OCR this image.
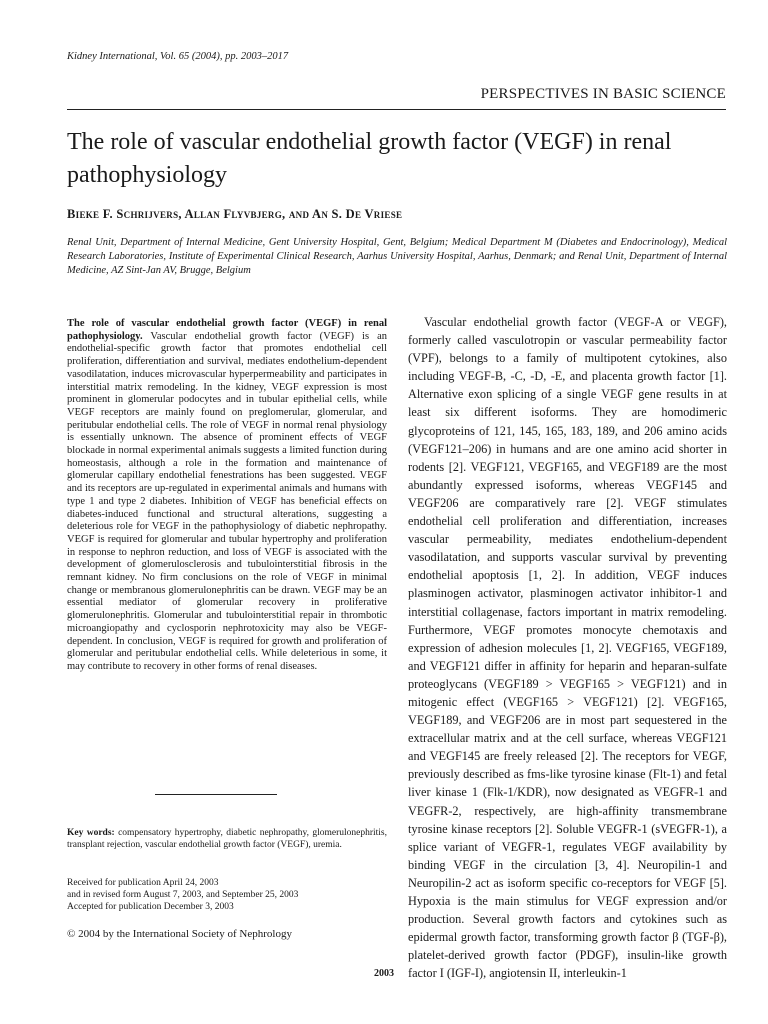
Kidney International, Vol. 65 (2004), pp. 2003–2017
PERSPECTIVES IN BASIC SCIENCE
The role of vascular endothelial growth factor (VEGF) in renal pathophysiology
Bieke F. Schrijvers, Allan Flyvbjerg, and An S. De Vriese
Renal Unit, Department of Internal Medicine, Gent University Hospital, Gent, Belgium; Medical Department M (Diabetes and Endocrinology), Medical Research Laboratories, Institute of Experimental Clinical Research, Aarhus University Hospital, Aarhus, Denmark; and Renal Unit, Department of Internal Medicine, AZ Sint-Jan AV, Brugge, Belgium
The role of vascular endothelial growth factor (VEGF) in renal pathophysiology. Vascular endothelial growth factor (VEGF) is an endothelial-specific growth factor that promotes endothelial cell proliferation, differentiation and survival, mediates endothelium-dependent vasodilatation, induces microvascular hyperpermeability and participates in interstitial matrix remodeling. In the kidney, VEGF expression is most prominent in glomerular podocytes and in tubular epithelial cells, while VEGF receptors are mainly found on preglomerular, glomerular, and peritubular endothelial cells. The role of VEGF in normal renal physiology is essentially unknown. The absence of prominent effects of VEGF blockade in normal experimental animals suggests a limited function during homeostasis, although a role in the formation and maintenance of glomerular capillary endothelial fenestrations has been suggested. VEGF and its receptors are up-regulated in experimental animals and humans with type 1 and type 2 diabetes. Inhibition of VEGF has beneficial effects on diabetes-induced functional and structural alterations, suggesting a deleterious role for VEGF in the pathophysiology of diabetic nephropathy. VEGF is required for glomerular and tubular hypertrophy and proliferation in response to nephron reduction, and loss of VEGF is associated with the development of glomerulosclerosis and tubulointerstitial fibrosis in the remnant kidney. No firm conclusions on the role of VEGF in minimal change or membranous glomerulonephritis can be drawn. VEGF may be an essential mediator of glomerular recovery in proliferative glomerulonephritis. Glomerular and tubulointerstitial repair in thrombotic microangiopathy and cyclosporin nephrotoxicity may also be VEGF-dependent. In conclusion, VEGF is required for growth and proliferation of glomerular and peritubular endothelial cells. While deleterious in some, it may contribute to recovery in other forms of renal diseases.
Key words: compensatory hypertrophy, diabetic nephropathy, glomerulonephritis, transplant rejection, vascular endothelial growth factor (VEGF), uremia.
Received for publication April 24, 2003
and in revised form August 7, 2003, and September 25, 2003
Accepted for publication December 3, 2003
© 2004 by the International Society of Nephrology

Vascular endothelial growth factor (VEGF-A or VEGF), formerly called vasculotropin or vascular permeability factor (VPF), belongs to a family of multipotent cytokines, also including VEGF-B, -C, -D, -E, and placenta growth factor [1]. Alternative exon splicing of a single VEGF gene results in at least six different isoforms. They are homodimeric glycoproteins of 121, 145, 165, 183, 189, and 206 amino acids (VEGF121–206) in humans and are one amino acid shorter in rodents [2]. VEGF121, VEGF165, and VEGF189 are the most abundantly expressed isoforms, whereas VEGF145 and VEGF206 are comparatively rare [2]. VEGF stimulates endothelial cell proliferation and differentiation, increases vascular permeability, mediates endothelium-dependent vasodilatation, and supports vascular survival by preventing endothelial apoptosis [1, 2]. In addition, VEGF induces plasminogen activator, plasminogen activator inhibitor-1 and interstitial collagenase, factors important in matrix remodeling. Furthermore, VEGF promotes monocyte chemotaxis and expression of adhesion molecules [1, 2]. VEGF165, VEGF189, and VEGF121 differ in affinity for heparin and heparan-sulfate proteoglycans (VEGF189 > VEGF165 > VEGF121) and in mitogenic effect (VEGF165 > VEGF121) [2]. VEGF165, VEGF189, and VEGF206 are in most part sequestered in the extracellular matrix and at the cell surface, whereas VEGF121 and VEGF145 are freely released [2]. The receptors for VEGF, previously described as fms-like tyrosine kinase (Flt-1) and fetal liver kinase 1 (Flk-1/KDR), now designated as VEGFR-1 and VEGFR-2, respectively, are high-affinity transmembrane tyrosine kinase receptors [2]. Soluble VEGFR-1 (sVEGFR-1), a splice variant of VEGFR-1, regulates VEGF availability by binding VEGF in the circulation [3, 4]. Neuropilin-1 and Neuropilin-2 act as isoform specific co-receptors for VEGF [5]. Hypoxia is the main stimulus for VEGF expression and/or production. Several growth factors and cytokines such as epidermal growth factor, transforming growth factor β (TGF-β), platelet-derived growth factor (PDGF), insulin-like growth factor I (IGF-I), angiotensin II, interleukin-1

2003
